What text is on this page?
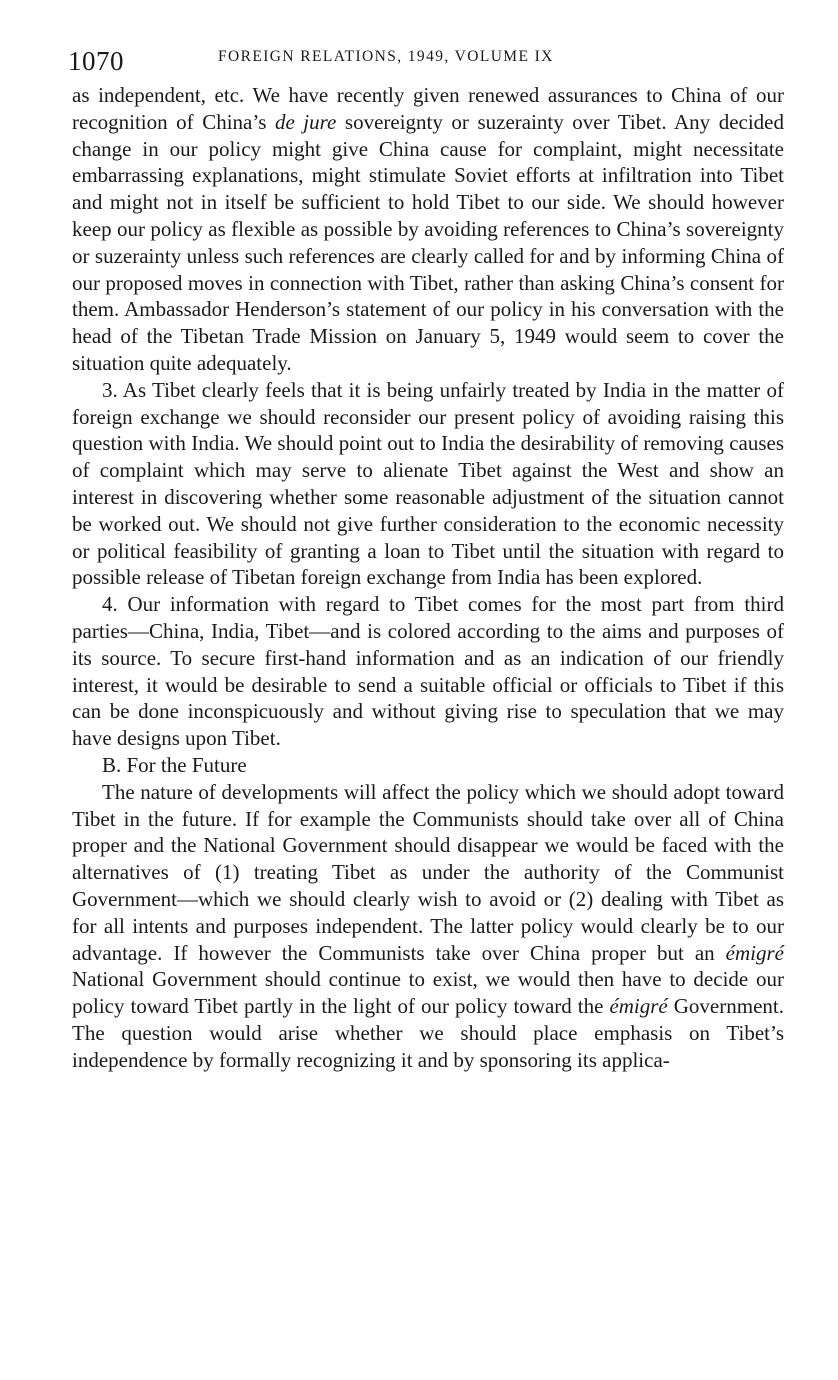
1070	FOREIGN RELATIONS, 1949, VOLUME IX

as independent, etc. We have recently given renewed assurances to China of our recognition of China’s de jure sovereignty or suzerainty over Tibet. Any decided change in our policy might give China cause for complaint, might necessitate embarrassing explanations, might stimulate Soviet efforts at infiltration into Tibet and might not in itself be sufficient to hold Tibet to our side. We should however keep our policy as flexible as possible by avoiding references to China’s sovereignty or suzerainty unless such references are clearly called for and by informing China of our proposed moves in connection with Tibet, rather than asking China’s consent for them. Ambassador Henderson’s statement of our policy in his conversation with the head of the Tibetan Trade Mission on January 5, 1949 would seem to cover the situation quite adequately.

3. As Tibet clearly feels that it is being unfairly treated by India in the matter of foreign exchange we should reconsider our present policy of avoiding raising this question with India. We should point out to India the desirability of removing causes of complaint which may serve to alienate Tibet against the West and show an interest in discovering whether some reasonable adjustment of the situation cannot be worked out. We should not give further consideration to the economic necessity or political feasibility of granting a loan to Tibet until the situation with regard to possible release of Tibetan foreign exchange from India has been explored.

4. Our information with regard to Tibet comes for the most part from third parties—China, India, Tibet—and is colored according to the aims and purposes of its source. To secure first-hand information and as an indication of our friendly interest, it would be desirable to send a suitable official or officials to Tibet if this can be done inconspicuously and without giving rise to speculation that we may have designs upon Tibet.

B. For the Future

The nature of developments will affect the policy which we should adopt toward Tibet in the future. If for example the Communists should take over all of China proper and the National Government should disappear we would be faced with the alternatives of (1) treating Tibet as under the authority of the Communist Government—which we should clearly wish to avoid or (2) dealing with Tibet as for all intents and purposes independent. The latter policy would clearly be to our advantage. If however the Communists take over China proper but an émigré National Government should continue to exist, we would then have to decide our policy toward Tibet partly in the light of our policy toward the émigré Government. The question would arise whether we should place emphasis on Tibet’s independence by formally recognizing it and by sponsoring its applica-
